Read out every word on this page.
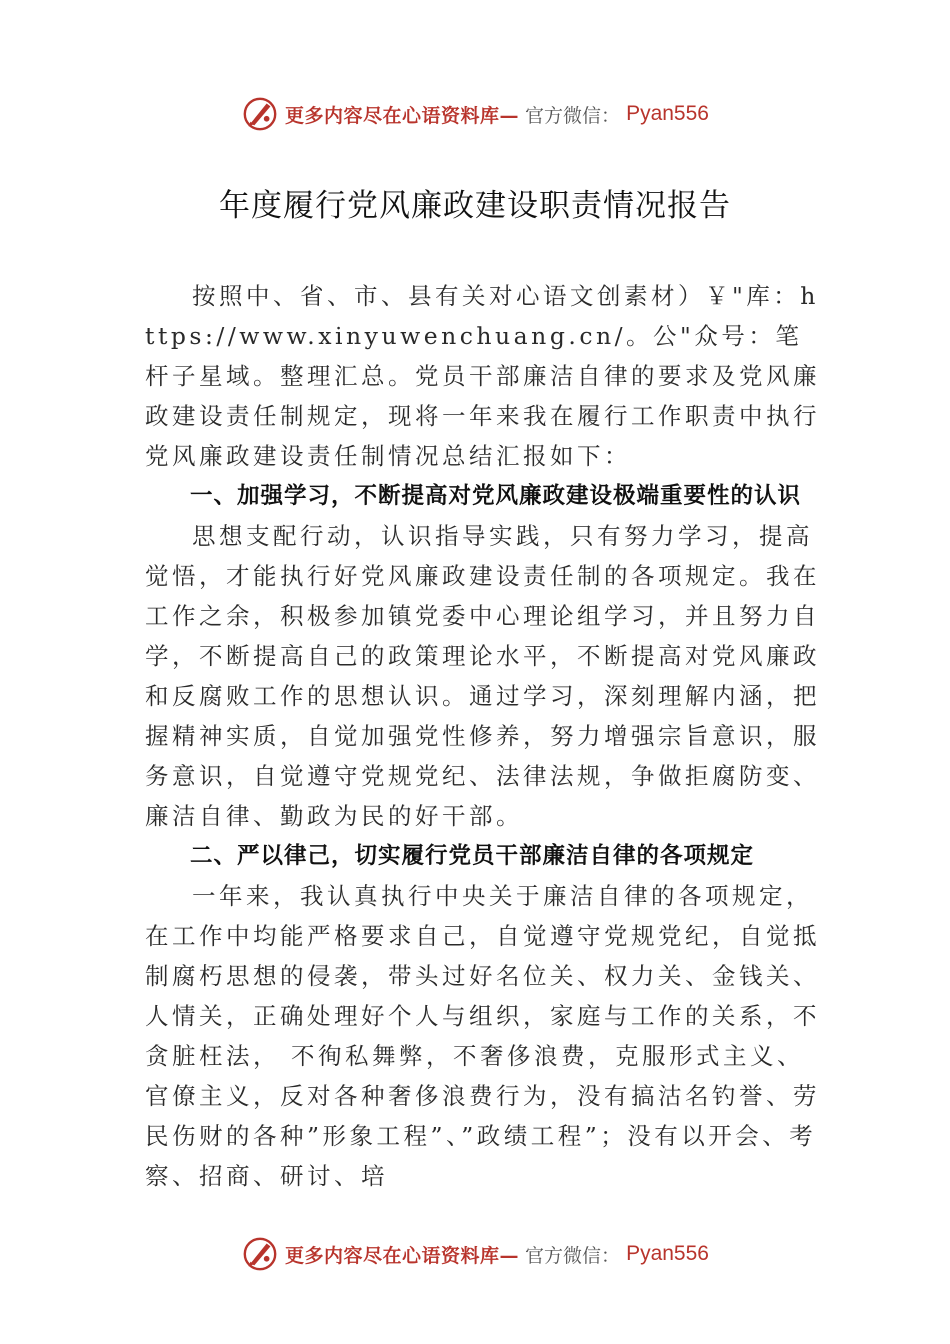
更多内容尽在心语资料库— 官方微信： Pyan556
年度履行党风廉政建设职责情况报告

按照中、省、市、县有关对心语文创素材）￥"库：https://www.xinyuwenchuang.cn/。公"众号：笔杆子星域。整理汇总。党员干部廉洁自律的要求及党风廉政建设责任制规定，现将一年来我在履行工作职责中执行党风廉政建设责任制情况总结汇报如下：

一、加强学习，不断提高对党风廉政建设极端重要性的认识

思想支配行动，认识指导实践，只有努力学习，提高觉悟，才能执行好党风廉政建设责任制的各项规定。我在工作之余，积极参加镇党委中心理论组学习，并且努力自学，不断提高自己的政策理论水平，不断提高对党风廉政和反腐败工作的思想认识。通过学习，深刻理解内涵，把握精神实质，自觉加强党性修养，努力增强宗旨意识，服务意识，自觉遵守党规党纪、法律法规，争做拒腐防变、廉洁自律、勤政为民的好干部。

二、严以律己，切实履行党员干部廉洁自律的各项规定

一年来，我认真执行中央关于廉洁自律的各项规定，在工作中均能严格要求自己，自觉遵守党规党纪，自觉抵制腐朽思想的侵袭，带头过好名位关、权力关、金钱关、人情关，正确处理好个人与组织，家庭与工作的关系，不贪脏枉法， 不徇私舞弊，不奢侈浪费，克服形式主义、官僚主义，反对各种奢侈浪费行为，没有搞沽名钓誉、劳民伤财的各种”形象工程”、”政绩工程”；没有以开会、考察、招商、研讨、培

更多内容尽在心语资料库— 官方微信： Pyan556
